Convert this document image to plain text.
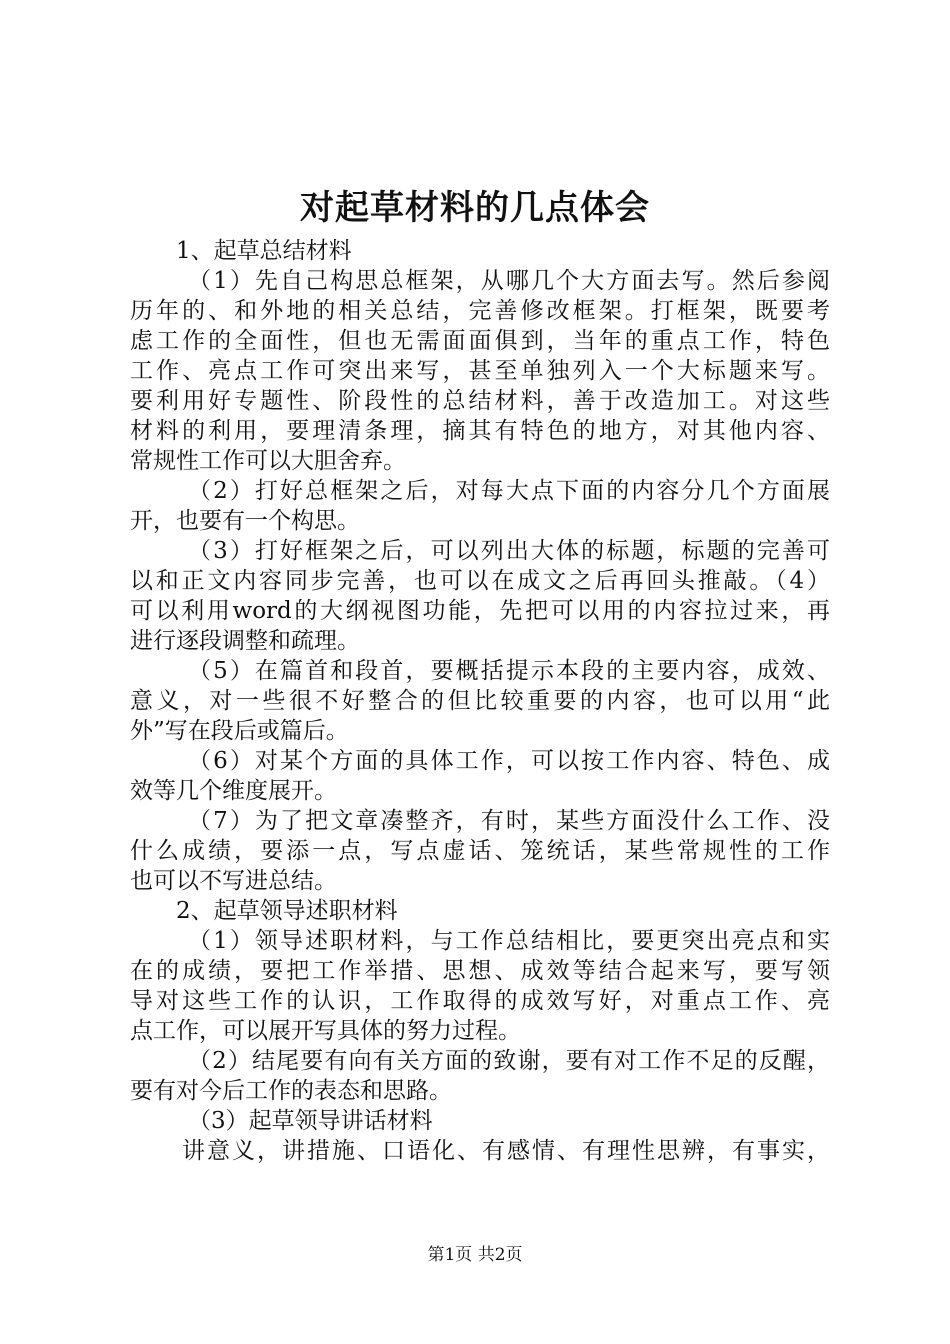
对起草材料的几点体会
1、起草总结材料
（1）先自己构思总框架，从哪几个大方面去写。然后参阅
历年的、和外地的相关总结，完善修改框架。打框架，既要考
虑工作的全面性，但也无需面面俱到，当年的重点工作，特色
工作、亮点工作可突出来写，甚至单独列入一个大标题来写。
要利用好专题性、阶段性的总结材料，善于改造加工。对这些
材料的利用，要理清条理，摘其有特色的地方，对其他内容、
常规性工作可以大胆舍弃。
（2）打好总框架之后，对每大点下面的内容分几个方面展
开，也要有一个构思。
（3）打好框架之后，可以列出大体的标题，标题的完善可
以和正文内容同步完善，也可以在成文之后再回头推敲。（4）
可以利用word的大纲视图功能，先把可以用的内容拉过来，再
进行逐段调整和疏理。
（5）在篇首和段首，要概括提示本段的主要内容，成效、
意义，对一些很不好整合的但比较重要的内容，也可以用“此
外”写在段后或篇后。
（6）对某个方面的具体工作，可以按工作内容、特色、成
效等几个维度展开。
（7）为了把文章凑整齐，有时，某些方面没什么工作、没
什么成绩，要添一点，写点虚话、笼统话，某些常规性的工作
也可以不写进总结。
2、起草领导述职材料
（1）领导述职材料，与工作总结相比，要更突出亮点和实
在的成绩，要把工作举措、思想、成效等结合起来写，要写领
导对这些工作的认识，工作取得的成效写好，对重点工作、亮
点工作，可以展开写具体的努力过程。
（2）结尾要有向有关方面的致谢，要有对工作不足的反醒，
要有对今后工作的表态和思路。
（3）起草领导讲话材料
讲意义，讲措施、口语化、有感情、有理性思辨，有事实，
第1页 共2页
